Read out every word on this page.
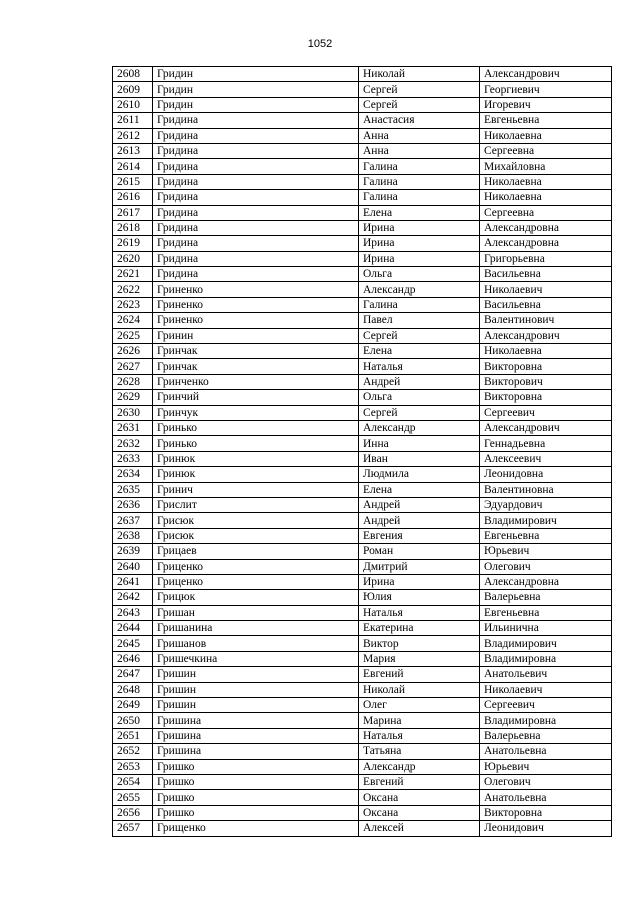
1052
2608	Гридин	Николай	Александрович
2609	Гридин	Сергей	Георгиевич
2610	Гридин	Сергей	Игоревич
2611	Гридина	Анастасия	Евгеньевна
2612	Гридина	Анна	Николаевна
2613	Гридина	Анна	Сергеевна
2614	Гридина	Галина	Михайловна
2615	Гридина	Галина	Николаевна
2616	Гридина	Галина	Николаевна
2617	Гридина	Елена	Сергеевна
2618	Гридина	Ирина	Александровна
2619	Гридина	Ирина	Александровна
2620	Гридина	Ирина	Григорьевна
2621	Гридина	Ольга	Васильевна
2622	Гриненко	Александр	Николаевич
2623	Гриненко	Галина	Васильевна
2624	Гриненко	Павел	Валентинович
2625	Гринин	Сергей	Александрович
2626	Гринчак	Елена	Николаевна
2627	Гринчак	Наталья	Викторовна
2628	Гринченко	Андрей	Викторович
2629	Гринчий	Ольга	Викторовна
2630	Гринчук	Сергей	Сергеевич
2631	Гринько	Александр	Александрович
2632	Гринько	Инна	Геннадьевна
2633	Гринюк	Иван	Алексеевич
2634	Гринюк	Людмила	Леонидовна
2635	Гринич	Елена	Валентиновна
2636	Грислит	Андрей	Эдуардович
2637	Грисюк	Андрей	Владимирович
2638	Грисюк	Евгения	Евгеньевна
2639	Грицаев	Роман	Юрьевич
2640	Гриценко	Дмитрий	Олегович
2641	Гриценко	Ирина	Александровна
2642	Грицюк	Юлия	Валерьевна
2643	Гришан	Наталья	Евгеньевна
2644	Гришанина	Екатерина	Ильинична
2645	Гришанов	Виктор	Владимирович
2646	Гришечкина	Мария	Владимировна
2647	Гришин	Евгений	Анатольевич
2648	Гришин	Николай	Николаевич
2649	Гришин	Олег	Сергеевич
2650	Гришина	Марина	Владимировна
2651	Гришина	Наталья	Валерьевна
2652	Гришина	Татьяна	Анатольевна
2653	Гришко	Александр	Юрьевич
2654	Гришко	Евгений	Олегович
2655	Гришко	Оксана	Анатольевна
2656	Гришко	Оксана	Викторовна
2657	Грищенко	Алексей	Леонидович
